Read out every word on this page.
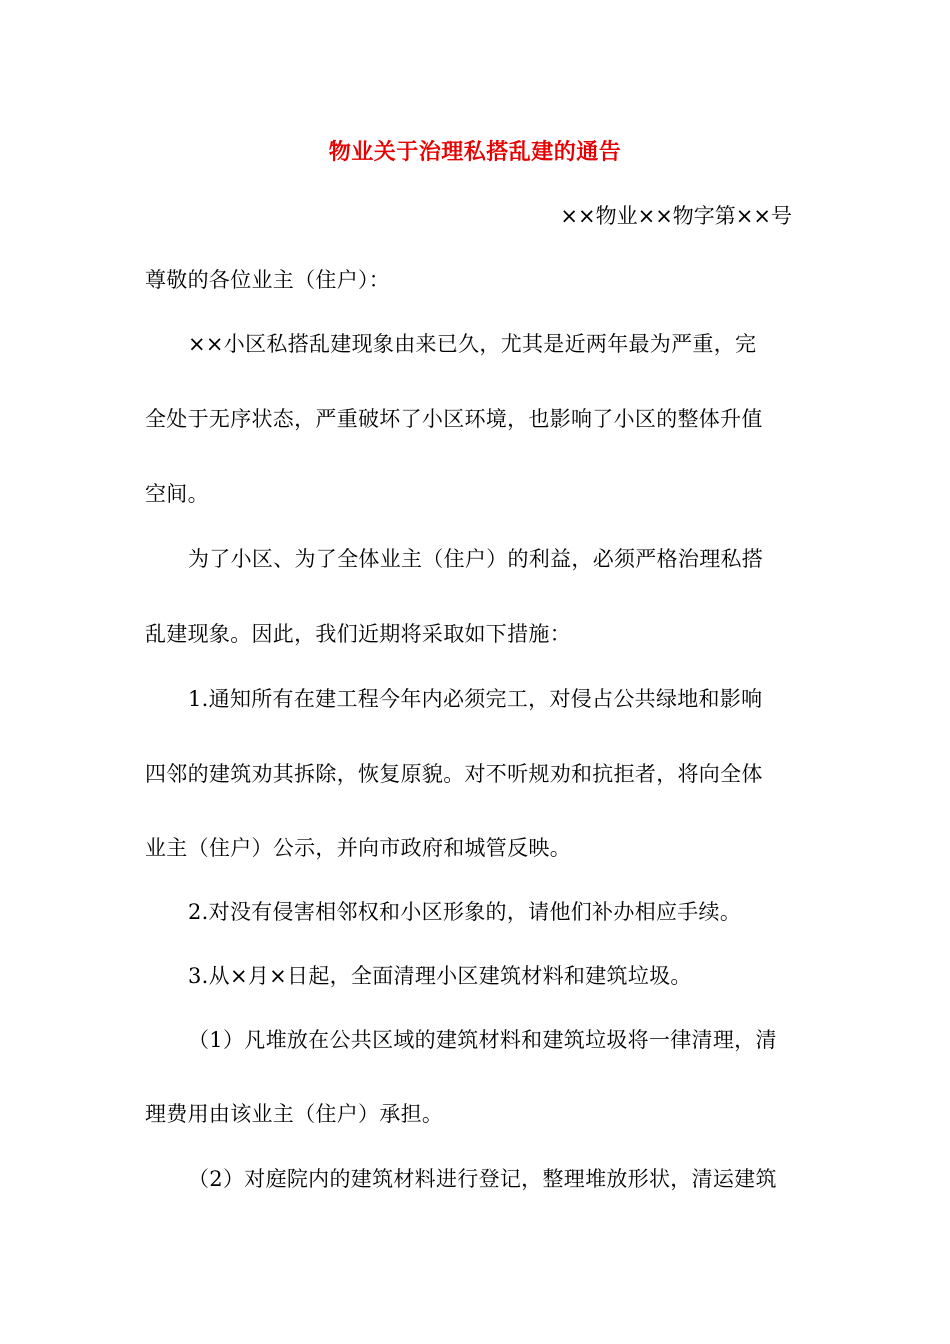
物业关于治理私搭乱建的通告
××物业××物字第××号
尊敬的各位业主（住户）：
××小区私搭乱建现象由来已久，尤其是近两年最为严重，完
全处于无序状态，严重破坏了小区环境，也影响了小区的整体升值
空间。
为了小区、为了全体业主（住户）的利益，必须严格治理私搭
乱建现象。因此，我们近期将采取如下措施：
1.通知所有在建工程今年内必须完工，对侵占公共绿地和影响
四邻的建筑劝其拆除，恢复原貌。对不听规劝和抗拒者，将向全体
业主（住户）公示，并向市政府和城管反映。
2.对没有侵害相邻权和小区形象的，请他们补办相应手续。
3.从×月×日起，全面清理小区建筑材料和建筑垃圾。
（1）凡堆放在公共区域的建筑材料和建筑垃圾将一律清理，清
理费用由该业主（住户）承担。
（2）对庭院内的建筑材料进行登记，整理堆放形状，清运建筑
